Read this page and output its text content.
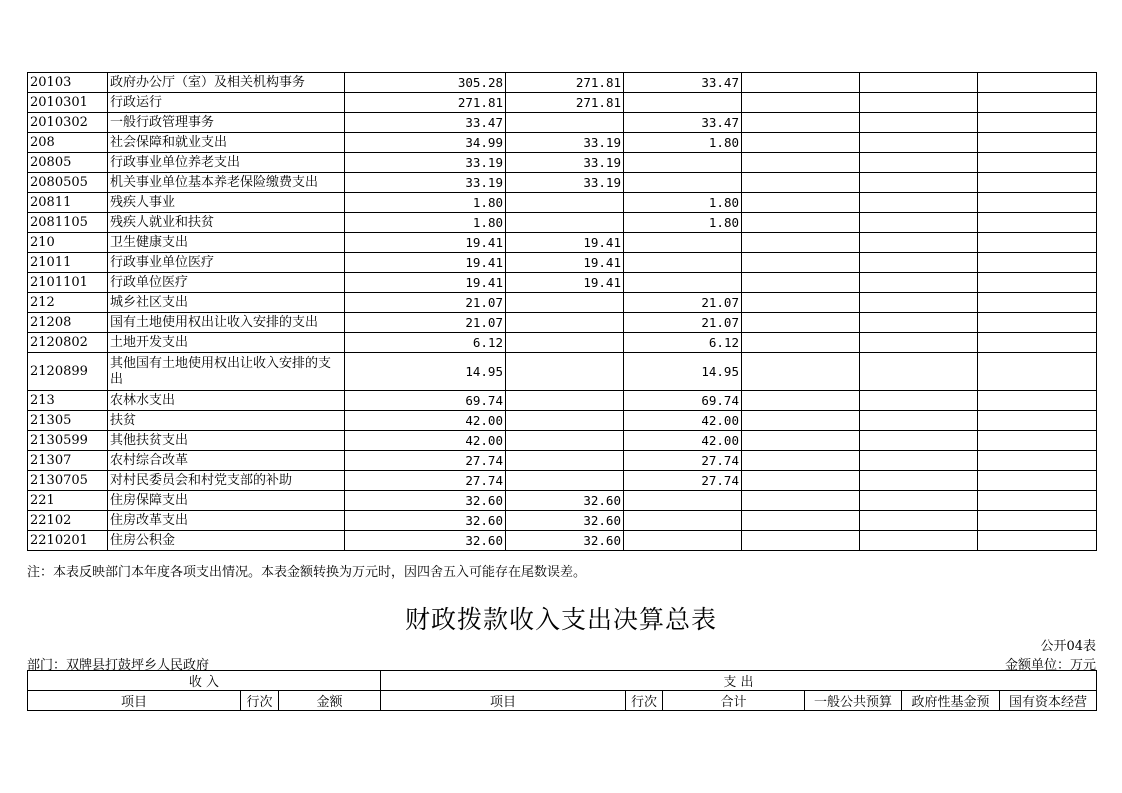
20103	政府办公厅（室）及相关机构事务	305.28	271.81	33.47			
2010301	行政运行	271.81	271.81				
2010302	一般行政管理事务	33.47		33.47			
208	社会保障和就业支出	34.99	33.19	1.80			
20805	行政事业单位养老支出	33.19	33.19				
2080505	机关事业单位基本养老保险缴费支出	33.19	33.19				
20811	残疾人事业	1.80		1.80			
2081105	残疾人就业和扶贫	1.80		1.80			
210	卫生健康支出	19.41	19.41				
21011	行政事业单位医疗	19.41	19.41				
2101101	行政单位医疗	19.41	19.41				
212	城乡社区支出	21.07		21.07			
21208	国有土地使用权出让收入安排的支出	21.07		21.07			
2120802	土地开发支出	6.12		6.12			
2120899	其他国有土地使用权出让收入安排的支出	14.95		14.95			
213	农林水支出	69.74		69.74			
21305	扶贫	42.00		42.00			
2130599	其他扶贫支出	42.00		42.00			
21307	农村综合改革	27.74		27.74			
2130705	对村民委员会和村党支部的补助	27.74		27.74			
221	住房保障支出	32.60	32.60				
22102	住房改革支出	32.60	32.60				
2210201	住房公积金	32.60	32.60				
注：本表反映部门本年度各项支出情况。本表金额转换为万元时，因四舍五入可能存在尾数误差。
财政拨款收入支出决算总表
公开04表
部门：双牌县打鼓坪乡人民政府	金额单位：万元
收 入			支 出					
项目	行次	金额	项目	行次	合计	一般公共预算	政府性基金预	国有资本经营
